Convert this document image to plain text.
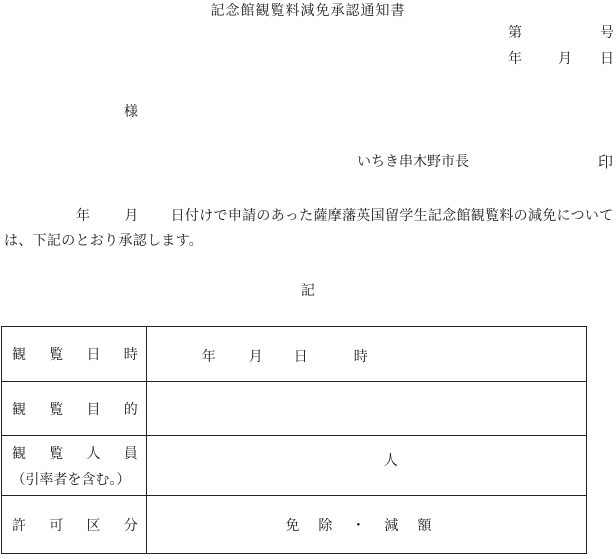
記念館観覧料減免承認通知書
第	号
年	月 日
様
いちき串木野市長	印
年 月 日付けで申請のあった薩摩藩英国留学生記念館観覧料の減免については、下記のとおり承認します。
記
観 覧 日 時	年 月 日 時

観 覧 目 的	

観 覧 人 員
（引率者を含む。）	人

許 可 区 分	免 除 ・ 減 額
